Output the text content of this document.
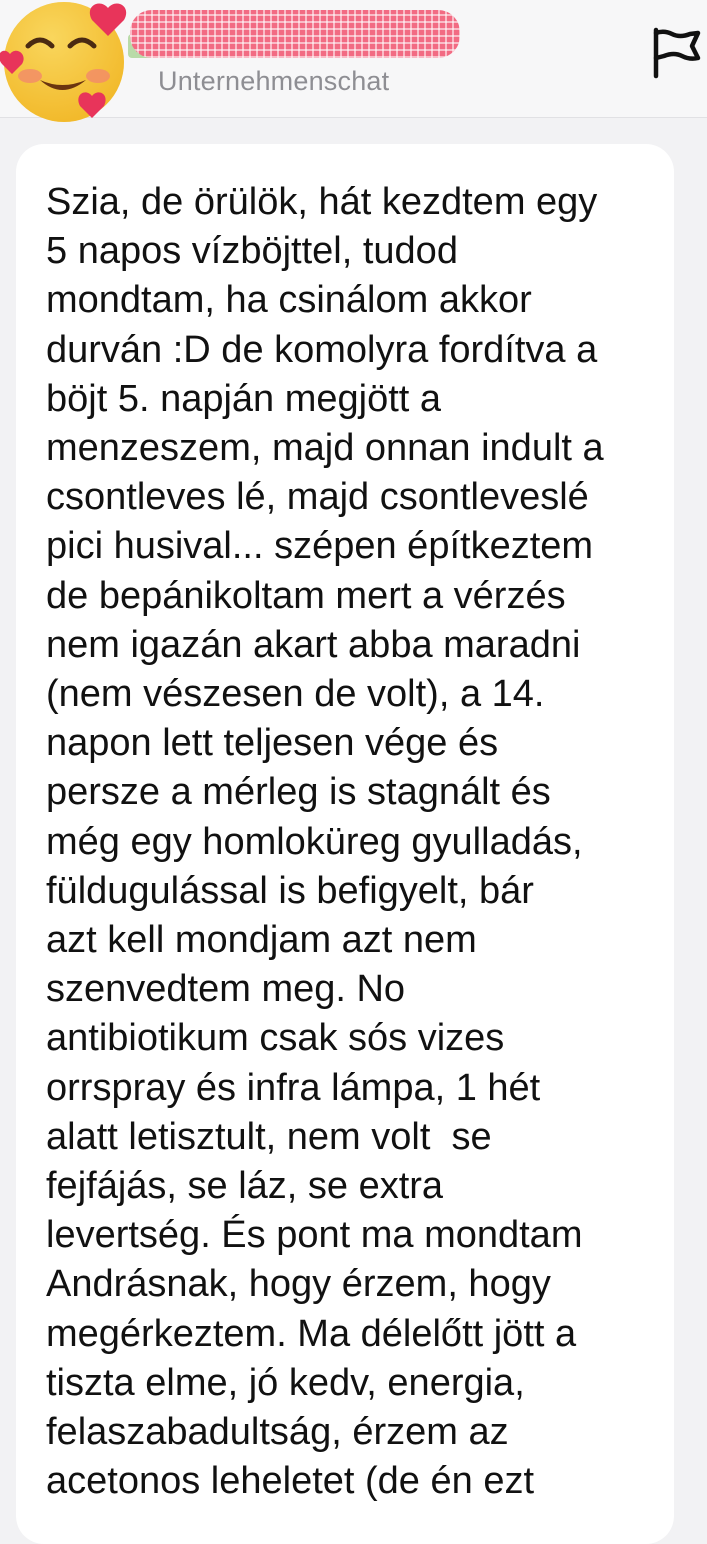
Unternehmenschat

Szia, de örülök, hát kezdtem egy
5 napos vízböjttel, tudod
mondtam, ha csinálom akkor
durván :D de komolyra fordítva a
böjt 5. napján megjött a
menzeszem, majd onnan indult a
csontleves lé, majd csontleveslé
pici husival... szépen építkeztem
de bepánikoltam mert a vérzés
nem igazán akart abba maradni
(nem vészesen de volt), a 14.
napon lett teljesen vége és
persze a mérleg is stagnált és
még egy homloküreg gyulladás,
füldugulással is befigyelt, bár
azt kell mondjam azt nem
szenvedtem meg. No
antibiotikum csak sós vizes
orrspray és infra lámpa, 1 hét
alatt letisztult, nem volt  se
fejfájás, se láz, se extra
levertség. És pont ma mondtam
Andrásnak, hogy érzem, hogy
megérkeztem. Ma délelőtt jött a
tiszta elme, jó kedv, energia,
felaszabadultság, érzem az
acetonos leheletet (de én ezt
